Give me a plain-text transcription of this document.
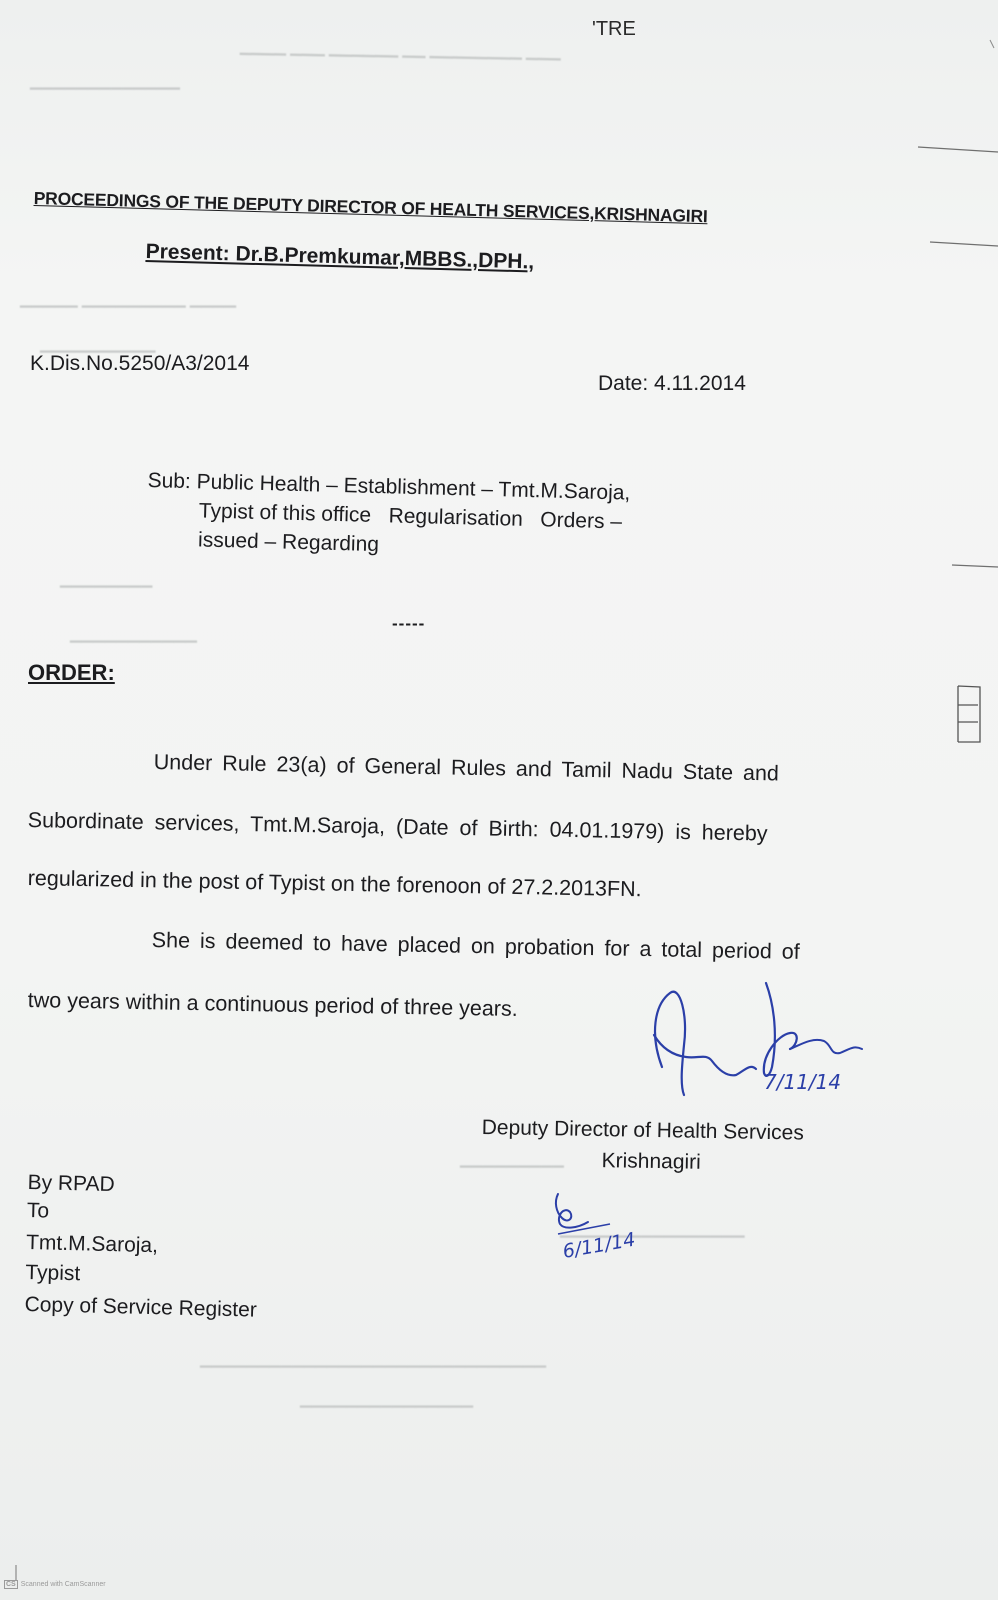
▁▁▁▁ ▁▁▁ ▁▁▁▁▁▁ ▁▁ ▁▁▁▁▁▁▁▁ ▁▁▁
▁▁▁▁▁▁▁▁▁▁▁▁▁
▁▁▁▁▁ ▁▁▁▁▁▁▁▁▁ ▁▁▁▁
▁▁▁▁▁▁▁▁▁▁
▁▁▁▁▁▁▁▁
▁▁▁▁▁▁▁▁▁▁▁
▁▁▁▁▁▁▁▁▁
▁▁▁▁▁▁▁▁▁▁▁▁▁▁▁▁
▁▁▁▁▁▁▁▁▁▁▁▁▁▁▁▁▁▁▁▁▁▁▁▁▁▁▁▁▁▁
▁▁▁▁▁▁▁▁▁▁▁▁▁▁▁
'TRE
PROCEEDINGS OF THE DEPUTY DIRECTOR OF HEALTH SERVICES,KRISHNAGIRI
Present: Dr.B.Premkumar,MBBS.,DPH.,
K.Dis.No.5250/A3/2014
Date: 4.11.2014
Sub: Public Health – Establishment – Tmt.M.Saroja,
Typist of this office   Regularisation   Orders –
issued – Regarding
-----
ORDER:
Under Rule 23(a) of General Rules and Tamil Nadu State and
Subordinate services, Tmt.M.Saroja, (Date of Birth: 04.01.1979) is hereby
regularized in the post of Typist on the forenoon of 27.2.2013FN.
She is deemed to have placed on probation for a total period of
two years within a continuous period of three years.
7/11/14
Deputy Director of Health Services
Krishnagiri
6/11/14
By RPAD
To
Tmt.M.Saroja,
Typist
Copy of Service Register
CS Scanned with CamScanner
